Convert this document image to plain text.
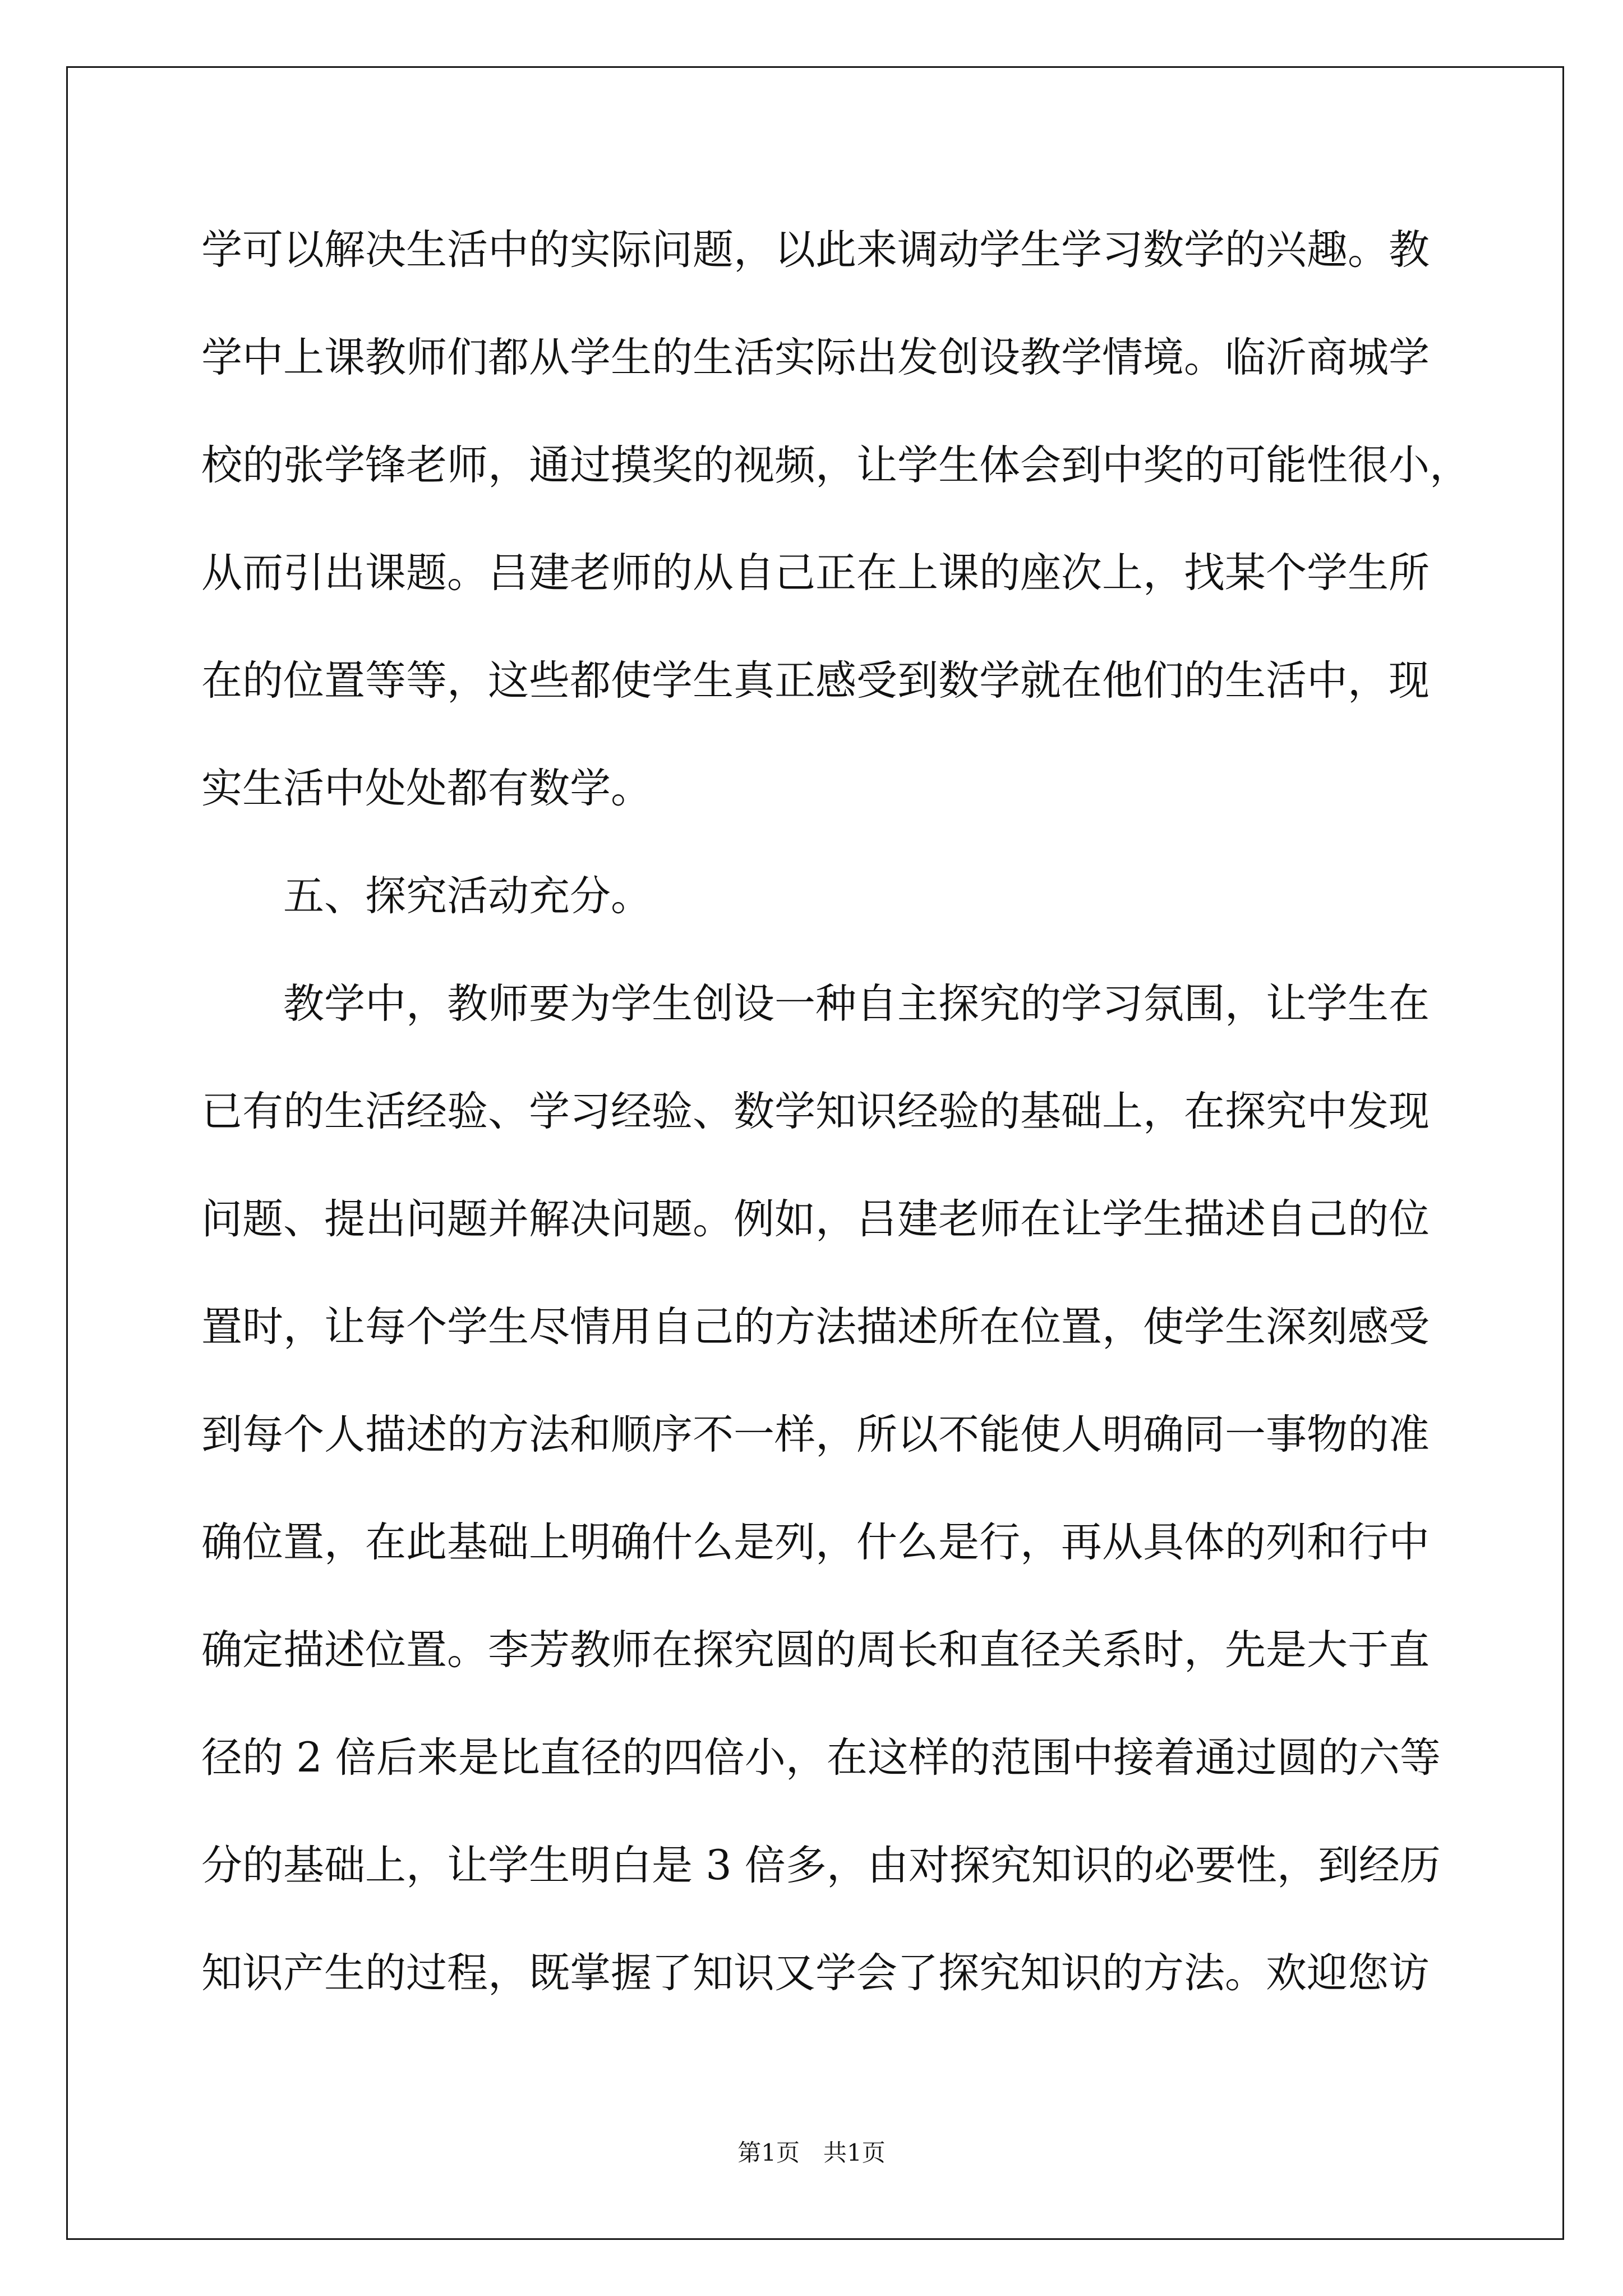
学可以解决生活中的实际问题，以此来调动学生学习数学的兴趣。教
学中上课教师们都从学生的生活实际出发创设教学情境。临沂商城学
校的张学锋老师，通过摸奖的视频，让学生体会到中奖的可能性很小，
从而引出课题。吕建老师的从自己正在上课的座次上，找某个学生所
在的位置等等，这些都使学生真正感受到数学就在他们的生活中，现
实生活中处处都有数学。
五、探究活动充分。
教学中，教师要为学生创设一种自主探究的学习氛围，让学生在
已有的生活经验、学习经验、数学知识经验的基础上，在探究中发现
问题、提出问题并解决问题。例如，吕建老师在让学生描述自己的位
置时，让每个学生尽情用自己的方法描述所在位置，使学生深刻感受
到每个人描述的方法和顺序不一样，所以不能使人明确同一事物的准
确位置，在此基础上明确什么是列，什么是行，再从具体的列和行中
确定描述位置。李芳教师在探究圆的周长和直径关系时，先是大于直
径的 2 倍后来是比直径的四倍小，在这样的范围中接着通过圆的六等
分的基础上，让学生明白是 3 倍多，由对探究知识的必要性，到经历
知识产生的过程，既掌握了知识又学会了探究知识的方法。欢迎您访
第1页　共1页
